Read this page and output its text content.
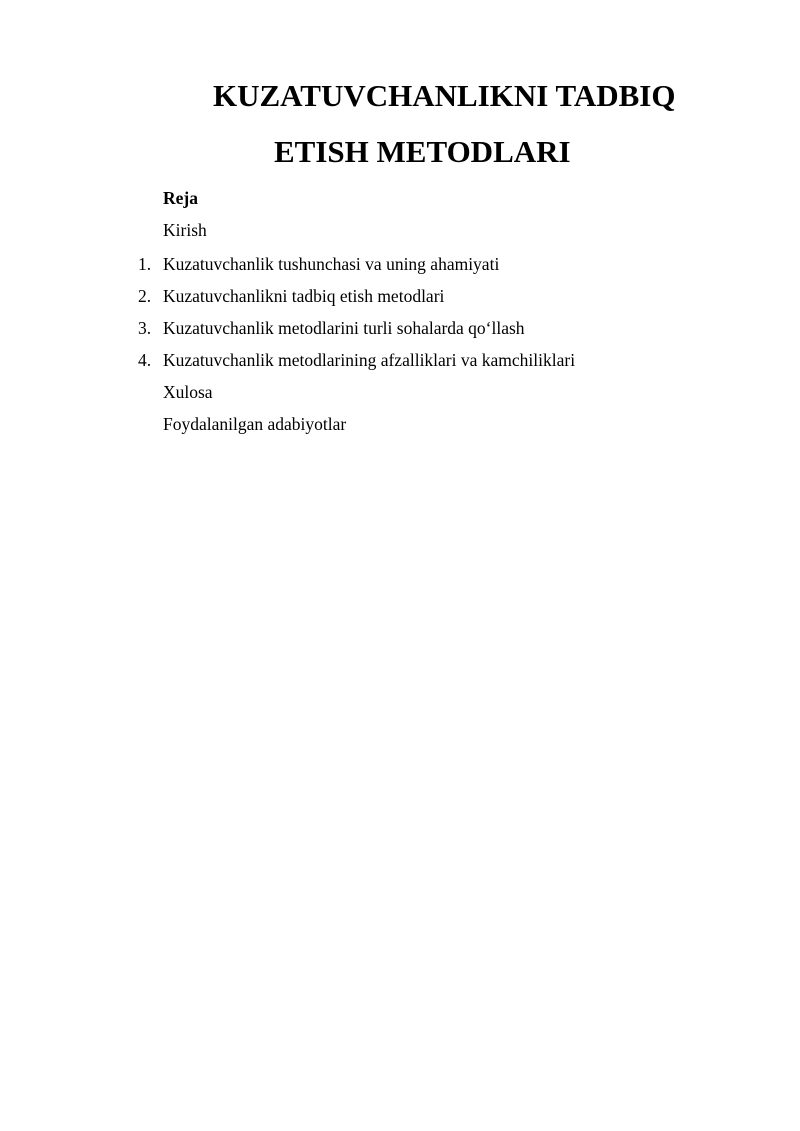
KUZATUVCHANLIKNI TADBIQ
ETISH METODLARI
Reja
Kirish
1. Kuzatuvchanlik tushunchasi va uning ahamiyati
2. Kuzatuvchanlikni tadbiq etish metodlari
3. Kuzatuvchanlik metodlarini turli sohalarda qo‘llash
4. Kuzatuvchanlik metodlarining afzalliklari va kamchiliklari
Xulosa
Foydalanilgan adabiyotlar
